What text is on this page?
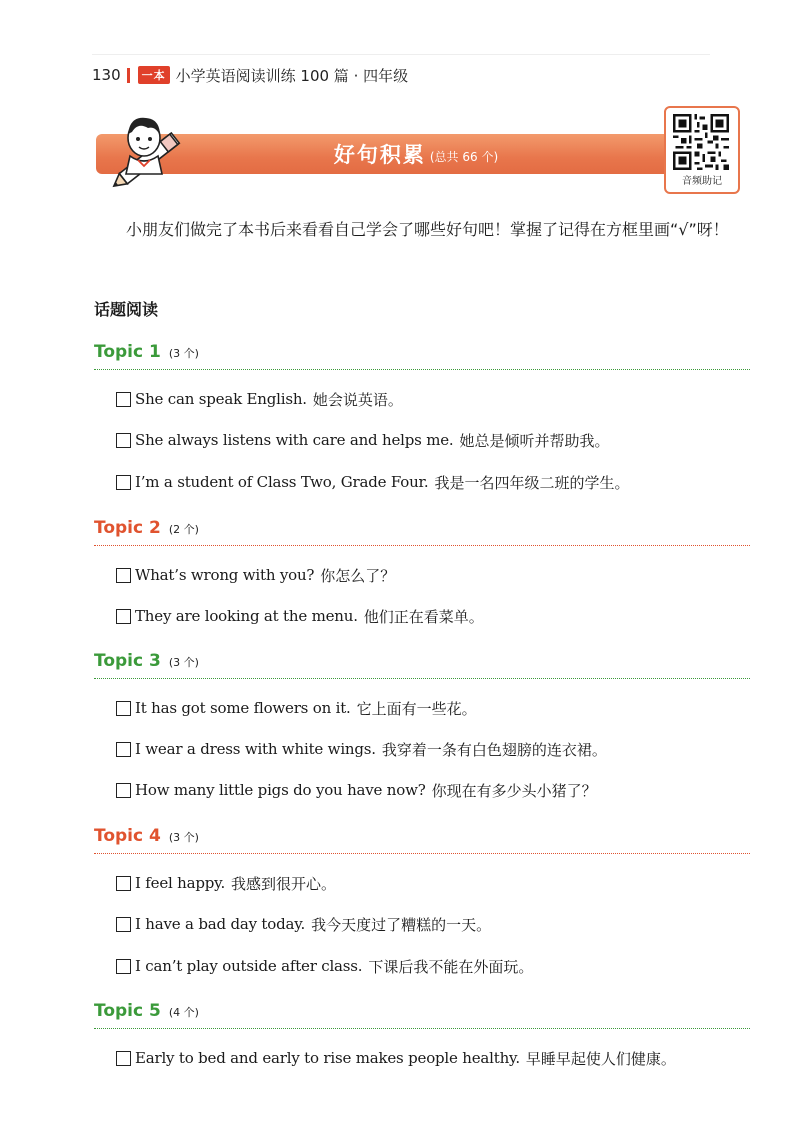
130	一本 小学英语阅读训练 100 篇 · 四年级
好句积累 (总共 66 个)
音频助记
小朋友们做完了本书后来看看自己学会了哪些好句吧！掌握了记得在方框里画“√”呀！
话题阅读
Topic 1 (3 个)
She can speak English. 她会说英语。
She always listens with care and helps me. 她总是倾听并帮助我。
I’m a student of Class Two, Grade Four. 我是一名四年级二班的学生。
Topic 2 (2 个)
What’s wrong with you? 你怎么了？
They are looking at the menu. 他们正在看菜单。
Topic 3 (3 个)
It has got some flowers on it. 它上面有一些花。
I wear a dress with white wings. 我穿着一条有白色翅膀的连衣裙。
How many little pigs do you have now? 你现在有多少头小猪了？
Topic 4 (3 个)
I feel happy. 我感到很开心。
I have a bad day today. 我今天度过了糟糕的一天。
I can’t play outside after class. 下课后我不能在外面玩。
Topic 5 (4 个)
Early to bed and early to rise makes people healthy. 早睡早起使人们健康。
